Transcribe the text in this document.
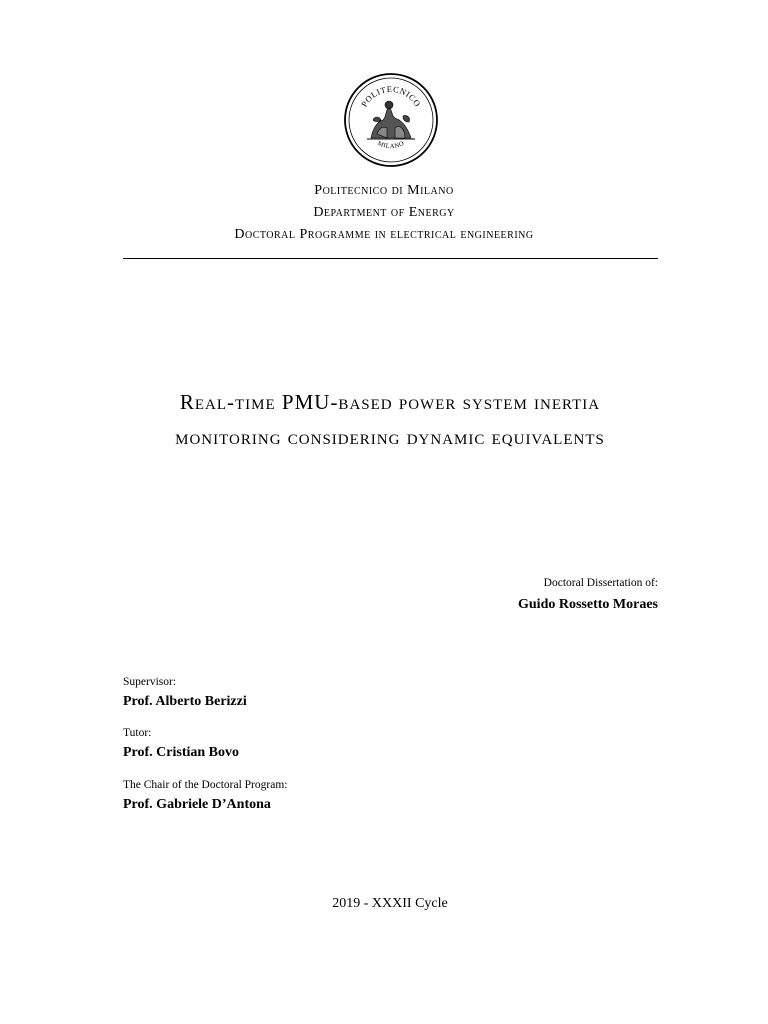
POLITECNICO
MILANO
Politecnico di Milano
Department of Energy
Doctoral Programme in electrical engineering
Real-time PMU-based power system inertia
monitoring considering dynamic equivalents
Doctoral Dissertation of:
Guido Rossetto Moraes
Supervisor:
Prof. Alberto Berizzi
Tutor:
Prof. Cristian Bovo
The Chair of the Doctoral Program:
Prof. Gabriele D’Antona
2019 - XXXII Cycle
